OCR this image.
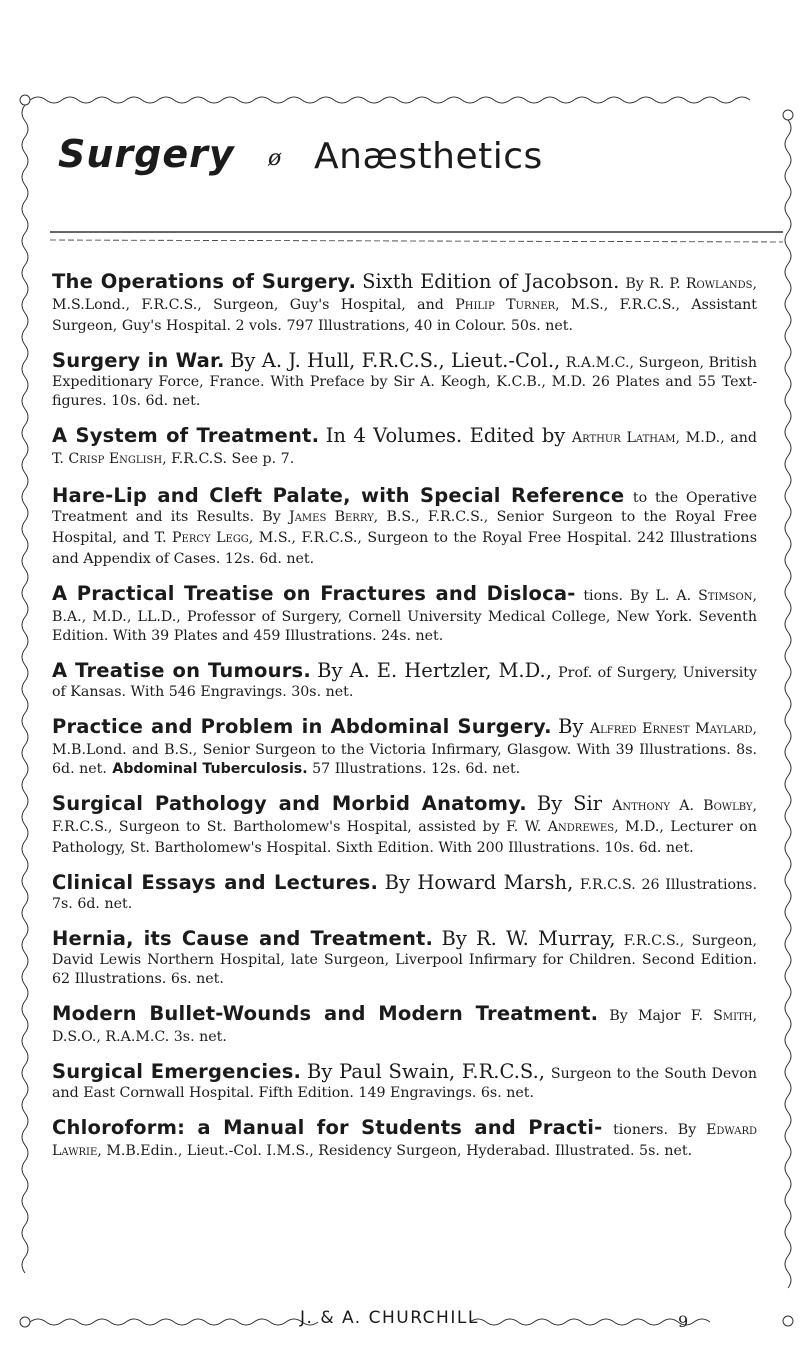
Surgery ø Anæsthetics
The Operations of Surgery. Sixth Edition of Jacobson. By R. P. Rowlands, M.S.Lond., F.R.C.S., Surgeon, Guy's Hospital, and Philip Turner, M.S., F.R.C.S., Assistant Surgeon, Guy's Hospital. 2 vols. 797 Illustrations, 40 in Colour. 50s. net.
Surgery in War. By A. J. Hull, F.R.C.S., Lieut.-Col., R.A.M.C., Surgeon, British Expeditionary Force, France. With Preface by Sir A. Keogh, K.C.B., M.D. 26 Plates and 55 Text-figures. 10s. 6d. net.
A System of Treatment. In 4 Volumes. Edited by Arthur Latham, M.D., and T. Crisp English, F.R.C.S. See p. 7.
Hare-Lip and Cleft Palate, with Special Reference to the Operative Treatment and its Results. By James Berry, B.S., F.R.C.S., Senior Surgeon to the Royal Free Hospital, and T. Percy Legg, M.S., F.R.C.S., Surgeon to the Royal Free Hospital. 242 Illustrations and Appendix of Cases. 12s. 6d. net.
A Practical Treatise on Fractures and Disloca- tions. By L. A. Stimson, B.A., M.D., LL.D., Professor of Surgery, Cornell University Medical College, New York. Seventh Edition. With 39 Plates and 459 Illustrations. 24s. net.
A Treatise on Tumours. By A. E. Hertzler, M.D., Prof. of Surgery, University of Kansas. With 546 Engravings. 30s. net.
Practice and Problem in Abdominal Surgery. By Alfred Ernest Maylard, M.B.Lond. and B.S., Senior Surgeon to the Victoria Infirmary, Glasgow. With 39 Illustrations. 8s. 6d. net. Abdominal Tuberculosis. 57 Illustrations. 12s. 6d. net.
Surgical Pathology and Morbid Anatomy. By Sir Anthony A. Bowlby, F.R.C.S., Surgeon to St. Bartholomew's Hospital, assisted by F. W. Andrewes, M.D., Lecturer on Pathology, St. Bartholomew's Hospital. Sixth Edition. With 200 Illustrations. 10s. 6d. net.
Clinical Essays and Lectures. By Howard Marsh, F.R.C.S. 26 Illustrations. 7s. 6d. net.
Hernia, its Cause and Treatment. By R. W. Murray, F.R.C.S., Surgeon, David Lewis Northern Hospital, late Surgeon, Liverpool Infirmary for Children. Second Edition. 62 Illustrations. 6s. net.
Modern Bullet-Wounds and Modern Treatment. By Major F. Smith, D.S.O., R.A.M.C. 3s. net.
Surgical Emergencies. By Paul Swain, F.R.C.S., Surgeon to the South Devon and East Cornwall Hospital. Fifth Edition. 149 Engravings. 6s. net.
Chloroform: a Manual for Students and Practi- tioners. By Edward Lawrie, M.B.Edin., Lieut.-Col. I.M.S., Residency Surgeon, Hyderabad. Illustrated. 5s. net.
J. & A. CHURCHILL	9
